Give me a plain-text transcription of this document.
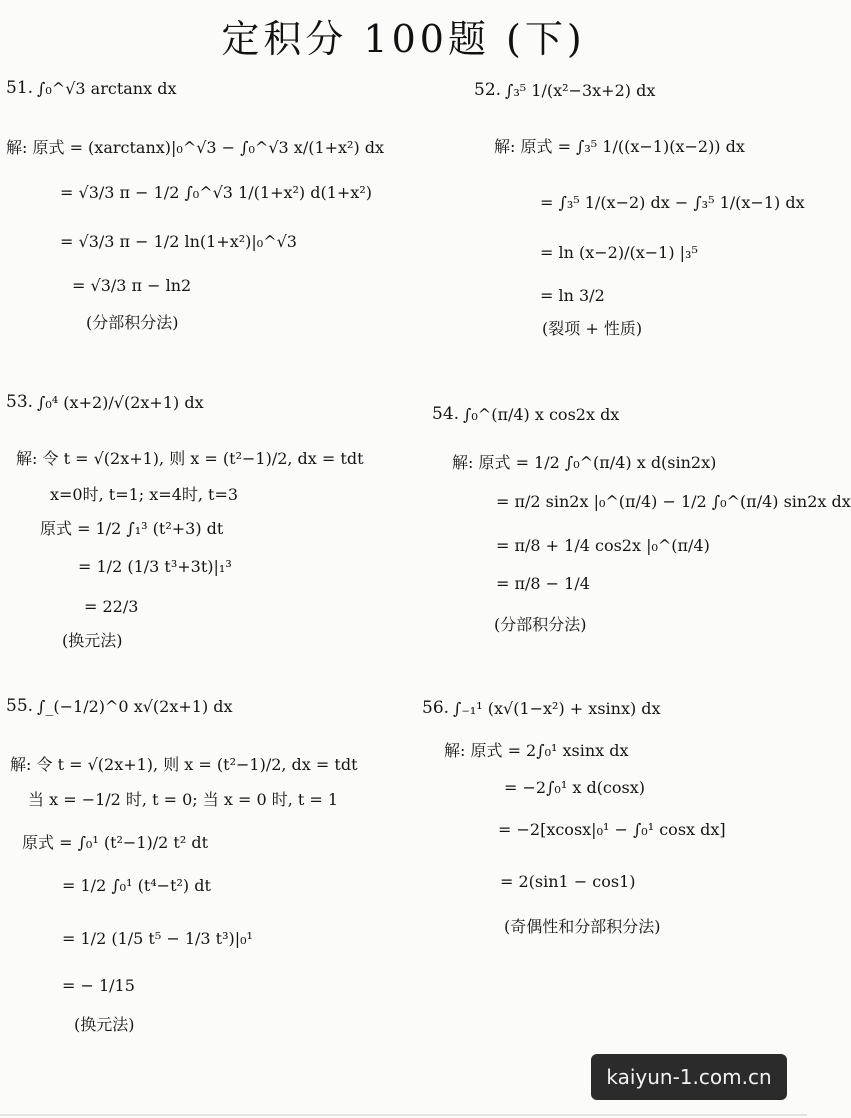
定积分 100题 (下)
51. ∫₀^√3 arctanx dx
解: 原式 = (xarctanx)|₀^√3 − ∫₀^√3 x/(1+x²) dx
= √3/3 π − 1/2 ∫₀^√3 1/(1+x²) d(1+x²)
= √3/3 π − 1/2 ln(1+x²)|₀^√3
= √3/3 π − ln2
(分部积分法)
52. ∫₃⁵ 1/(x²−3x+2) dx
解: 原式 = ∫₃⁵ 1/((x−1)(x−2)) dx
= ∫₃⁵ 1/(x−2) dx − ∫₃⁵ 1/(x−1) dx
= ln (x−2)/(x−1) |₃⁵
= ln 3/2
(裂项 + 性质)
53. ∫₀⁴ (x+2)/√(2x+1) dx
解: 令 t = √(2x+1), 则 x = (t²−1)/2, dx = tdt
x=0时, t=1; x=4时, t=3
原式 = 1/2 ∫₁³ (t²+3) dt
= 1/2 (1/3 t³+3t)|₁³
= 22/3
(换元法)
54. ∫₀^(π/4) x cos2x dx
解: 原式 = 1/2 ∫₀^(π/4) x d(sin2x)
= π/2 sin2x |₀^(π/4) − 1/2 ∫₀^(π/4) sin2x dx
= π/8 + 1/4 cos2x |₀^(π/4)
= π/8 − 1/4
(分部积分法)
55. ∫_(−1/2)^0 x√(2x+1) dx
解: 令 t = √(2x+1), 则 x = (t²−1)/2, dx = tdt
当 x = −1/2 时, t = 0; 当 x = 0 时, t = 1
原式 = ∫₀¹ (t²−1)/2 t² dt
= 1/2 ∫₀¹ (t⁴−t²) dt
= 1/2 (1/5 t⁵ − 1/3 t³)|₀¹
= − 1/15
(换元法)
56. ∫₋₁¹ (x√(1−x²) + xsinx) dx
解: 原式 = 2∫₀¹ xsinx dx
= −2∫₀¹ x d(cosx)
= −2[xcosx|₀¹ − ∫₀¹ cosx dx]
= 2(sin1 − cos1)
(奇偶性和分部积分法)
kaiyun-1.com.cn
